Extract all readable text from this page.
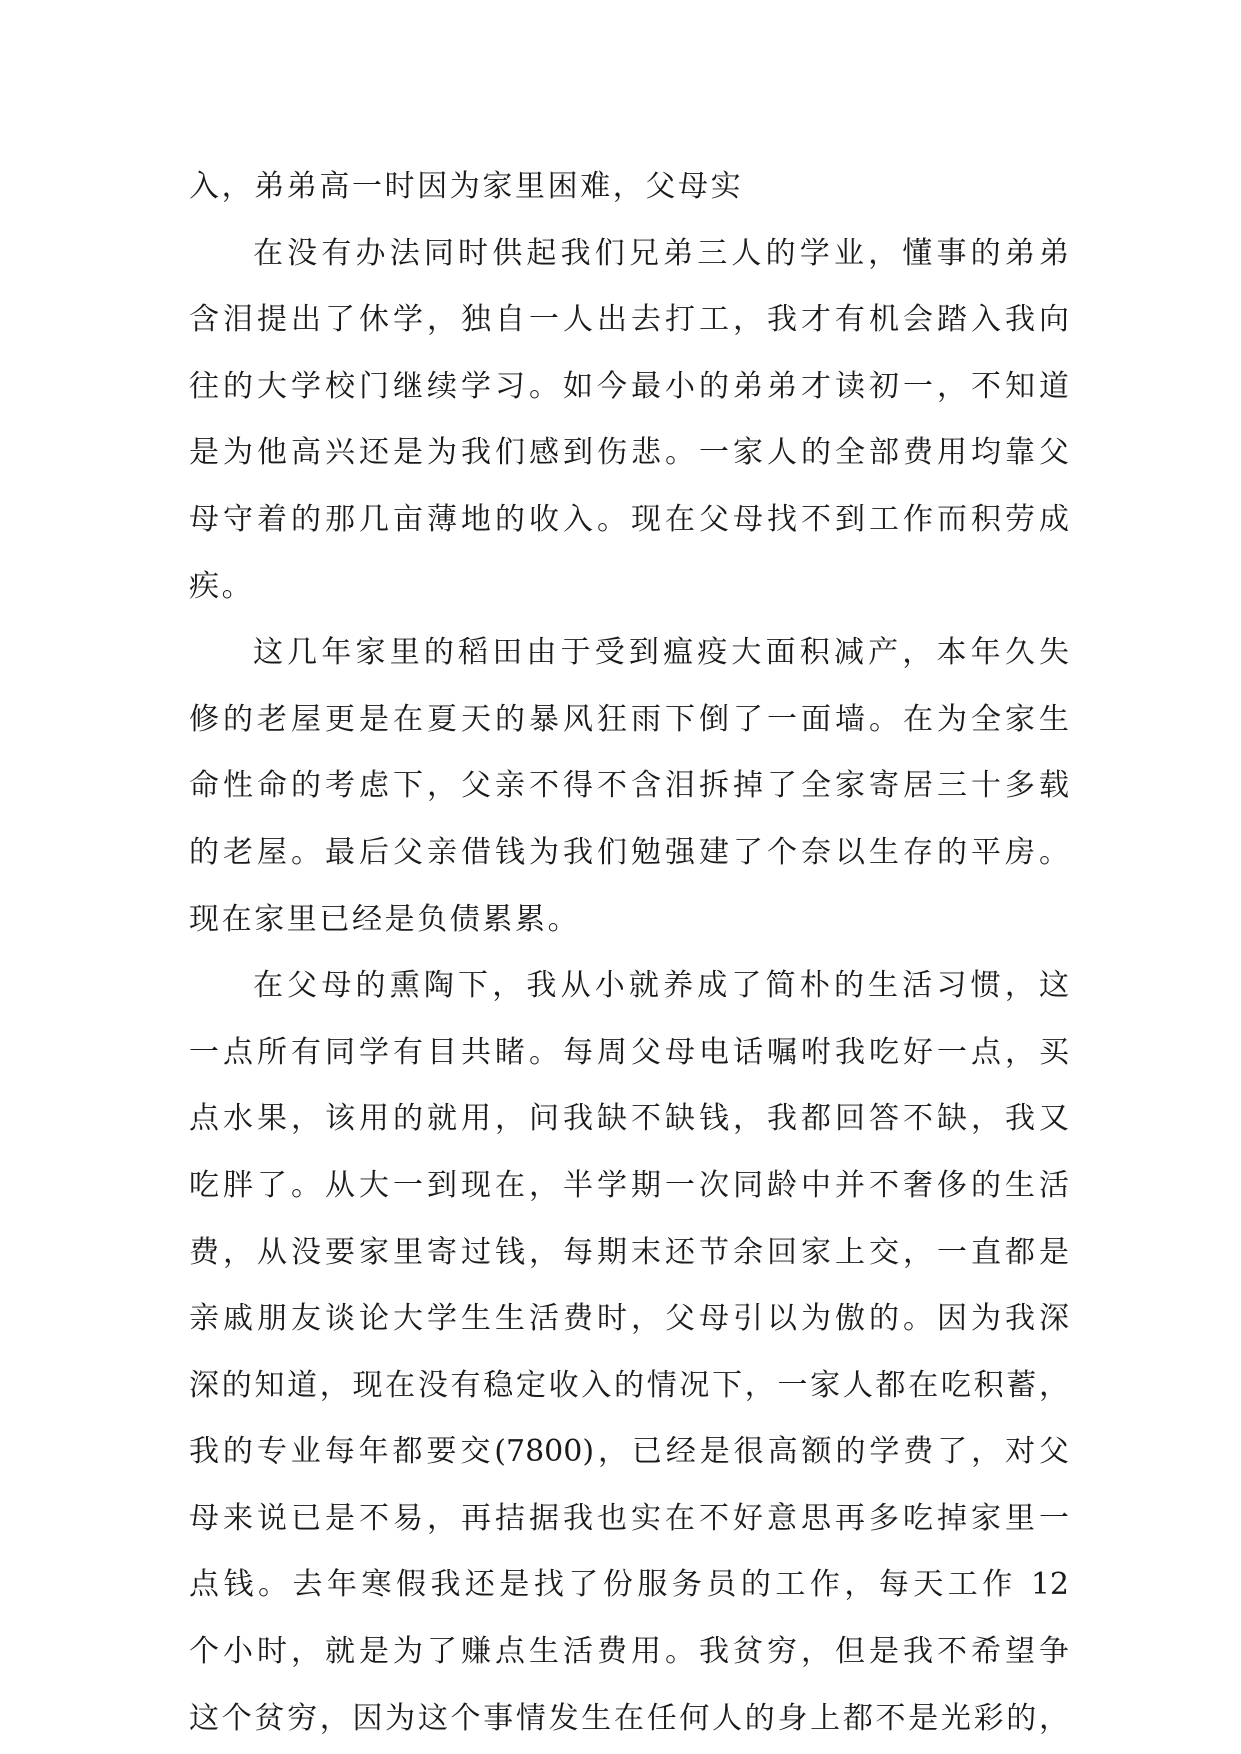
入，弟弟高一时因为家里困难，父母实
在没有办法同时供起我们兄弟三人的学业，懂事的弟弟
含泪提出了休学，独自一人出去打工，我才有机会踏入我向
往的大学校门继续学习。如今最小的弟弟才读初一，不知道
是为他高兴还是为我们感到伤悲。一家人的全部费用均靠父
母守着的那几亩薄地的收入。现在父母找不到工作而积劳成
疾。
这几年家里的稻田由于受到瘟疫大面积减产，本年久失
修的老屋更是在夏天的暴风狂雨下倒了一面墙。在为全家生
命性命的考虑下，父亲不得不含泪拆掉了全家寄居三十多载
的老屋。最后父亲借钱为我们勉强建了个奈以生存的平房。
现在家里已经是负债累累。
在父母的熏陶下，我从小就养成了简朴的生活习惯，这
一点所有同学有目共睹。每周父母电话嘱咐我吃好一点，买
点水果，该用的就用，问我缺不缺钱，我都回答不缺，我又
吃胖了。从大一到现在，半学期一次同龄中并不奢侈的生活
费，从没要家里寄过钱，每期末还节余回家上交，一直都是
亲戚朋友谈论大学生生活费时，父母引以为傲的。因为我深
深的知道，现在没有稳定收入的情况下，一家人都在吃积蓄，
我的专业每年都要交(7800)，已经是很高额的学费了，对父
母来说已是不易，再拮据我也实在不好意思再多吃掉家里一
点钱。去年寒假我还是找了份服务员的工作，每天工作 12
个小时，就是为了赚点生活费用。我贫穷，但是我不希望争
这个贫穷，因为这个事情发生在任何人的身上都不是光彩的，
